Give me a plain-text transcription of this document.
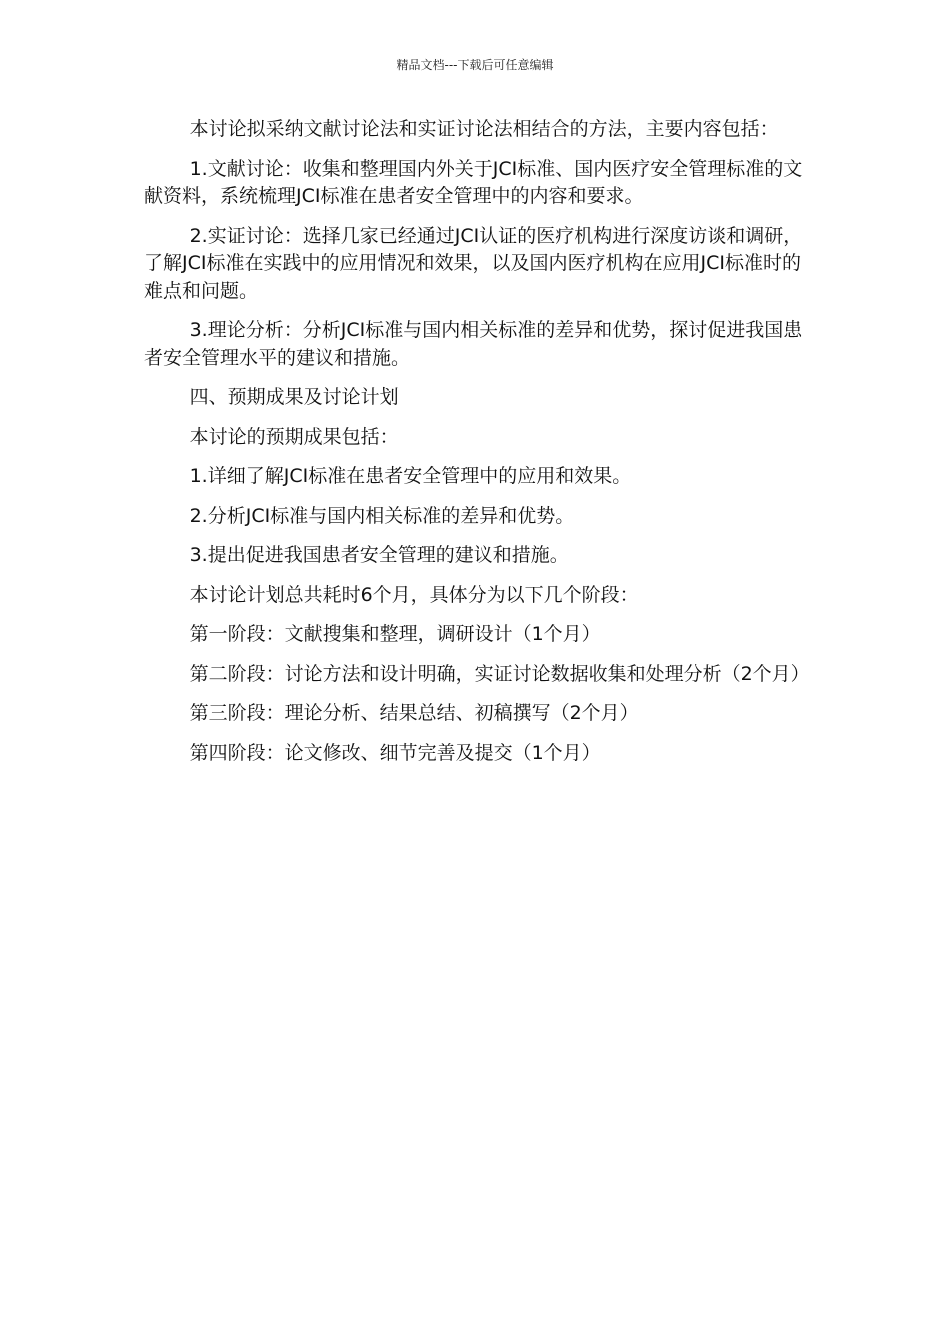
精品文档---下载后可任意编辑

本讨论拟采纳文献讨论法和实证讨论法相结合的方法，主要内容包括：

1.文献讨论：收集和整理国内外关于JCI标准、国内医疗安全管理标准的文献资料，系统梳理JCI标准在患者安全管理中的内容和要求。

2.实证讨论：选择几家已经通过JCI认证的医疗机构进行深度访谈和调研，了解JCI标准在实践中的应用情况和效果，以及国内医疗机构在应用JCI标准时的难点和问题。

3.理论分析：分析JCI标准与国内相关标准的差异和优势，探讨促进我国患者安全管理水平的建议和措施。

四、预期成果及讨论计划

本讨论的预期成果包括：

1.详细了解JCI标准在患者安全管理中的应用和效果。

2.分析JCI标准与国内相关标准的差异和优势。

3.提出促进我国患者安全管理的建议和措施。

本讨论计划总共耗时6个月，具体分为以下几个阶段：

第一阶段：文献搜集和整理，调研设计（1个月）

第二阶段：讨论方法和设计明确，实证讨论数据收集和处理分析（2个月）

第三阶段：理论分析、结果总结、初稿撰写（2个月）

第四阶段：论文修改、细节完善及提交（1个月）
